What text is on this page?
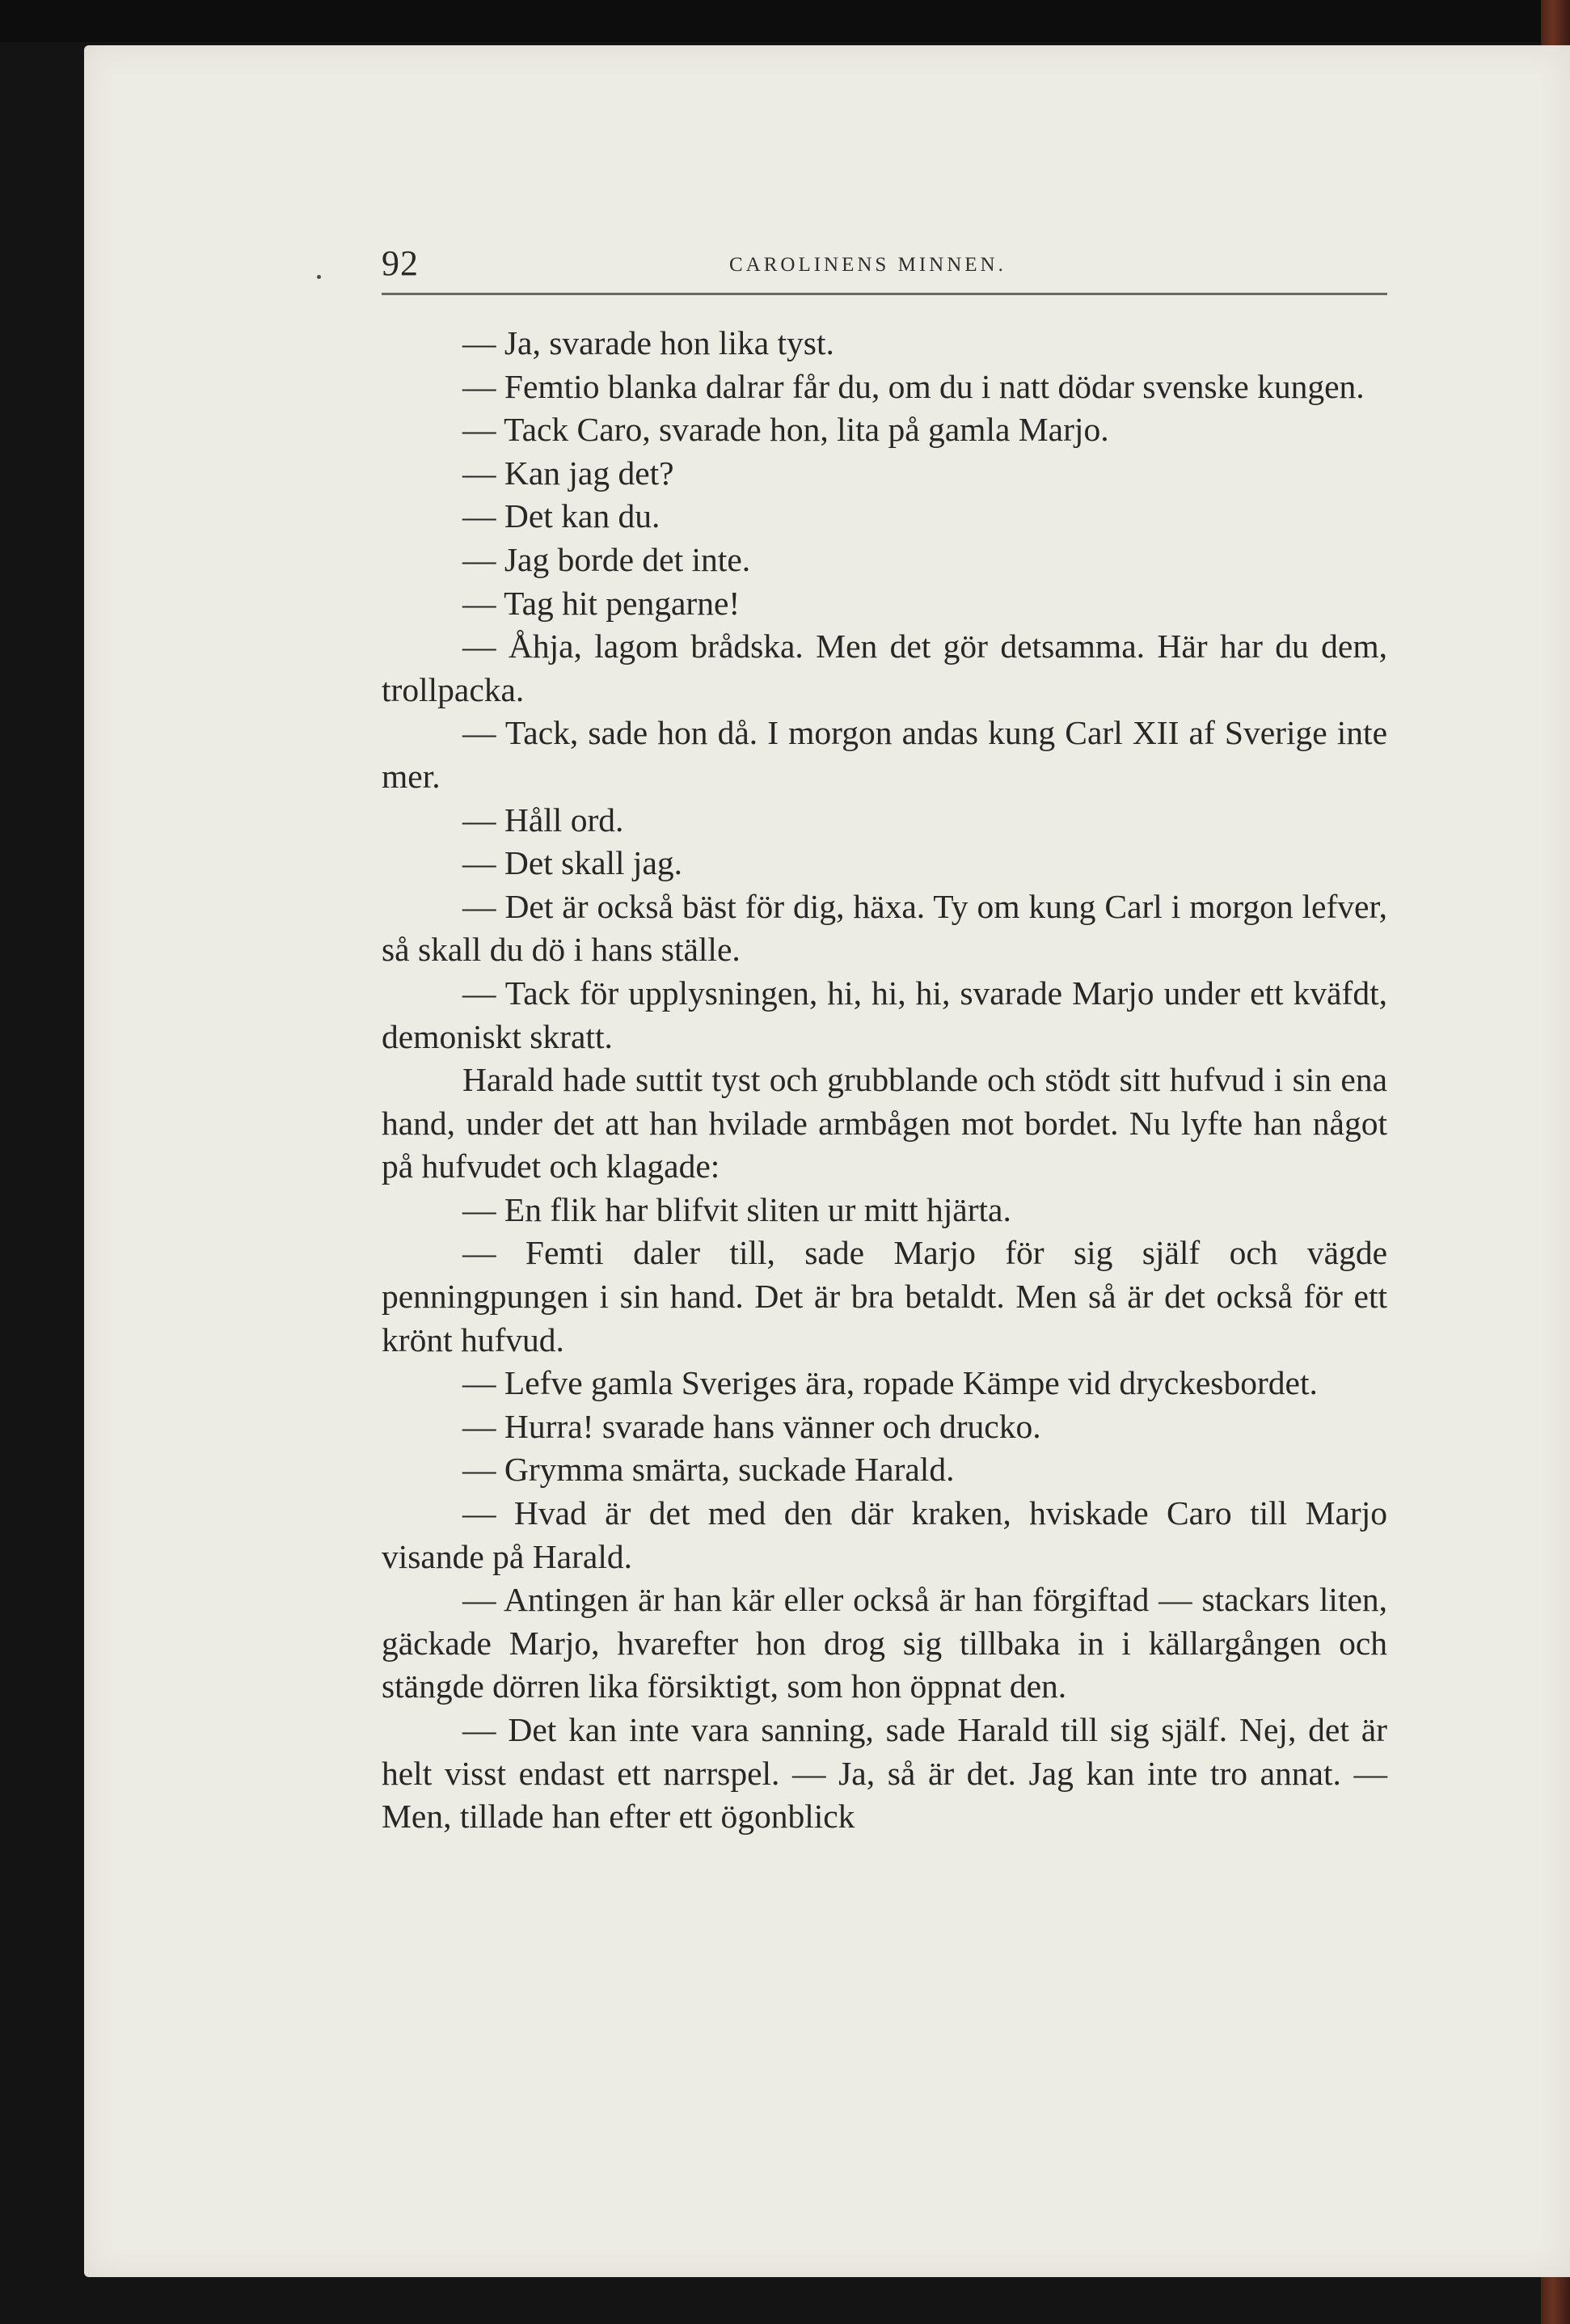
92	CAROLINENS MINNEN.

— Ja, svarade hon lika tyst.

— Femtio blanka dalrar får du, om du i natt dödar svenske kungen.

— Tack Caro, svarade hon, lita på gamla Marjo.

— Kan jag det?

— Det kan du.

— Jag borde det inte.

— Tag hit pengarne!

— Åhja, lagom brådska. Men det gör detsamma. Här har du dem, trollpacka.

— Tack, sade hon då. I morgon andas kung Carl XII af Sverige inte mer.

— Håll ord.

— Det skall jag.

— Det är också bäst för dig, häxa. Ty om kung Carl i morgon lefver, så skall du dö i hans ställe.

— Tack för upplysningen, hi, hi, hi, svarade Marjo under ett kväfdt, demoniskt skratt.

Harald hade suttit tyst och grubblande och stödt sitt hufvud i sin ena hand, under det att han hvilade armbågen mot bordet. Nu lyfte han något på hufvudet och klagade:

— En flik har blifvit sliten ur mitt hjärta.

— Femti daler till, sade Marjo för sig själf och vägde penningpungen i sin hand. Det är bra betaldt. Men så är det också för ett krönt hufvud.

— Lefve gamla Sveriges ära, ropade Kämpe vid dryckesbordet.

— Hurra! svarade hans vänner och drucko.

— Grymma smärta, suckade Harald.

— Hvad är det med den där kraken, hviskade Caro till Marjo visande på Harald.

— Antingen är han kär eller också är han förgiftad — stackars liten, gäckade Marjo, hvarefter hon drog sig tillbaka in i källargången och stängde dörren lika försiktigt, som hon öppnat den.

— Det kan inte vara sanning, sade Harald till sig själf. Nej, det är helt visst endast ett narrspel. — Ja, så är det. Jag kan inte tro annat. — Men, tillade han efter ett ögonblick
